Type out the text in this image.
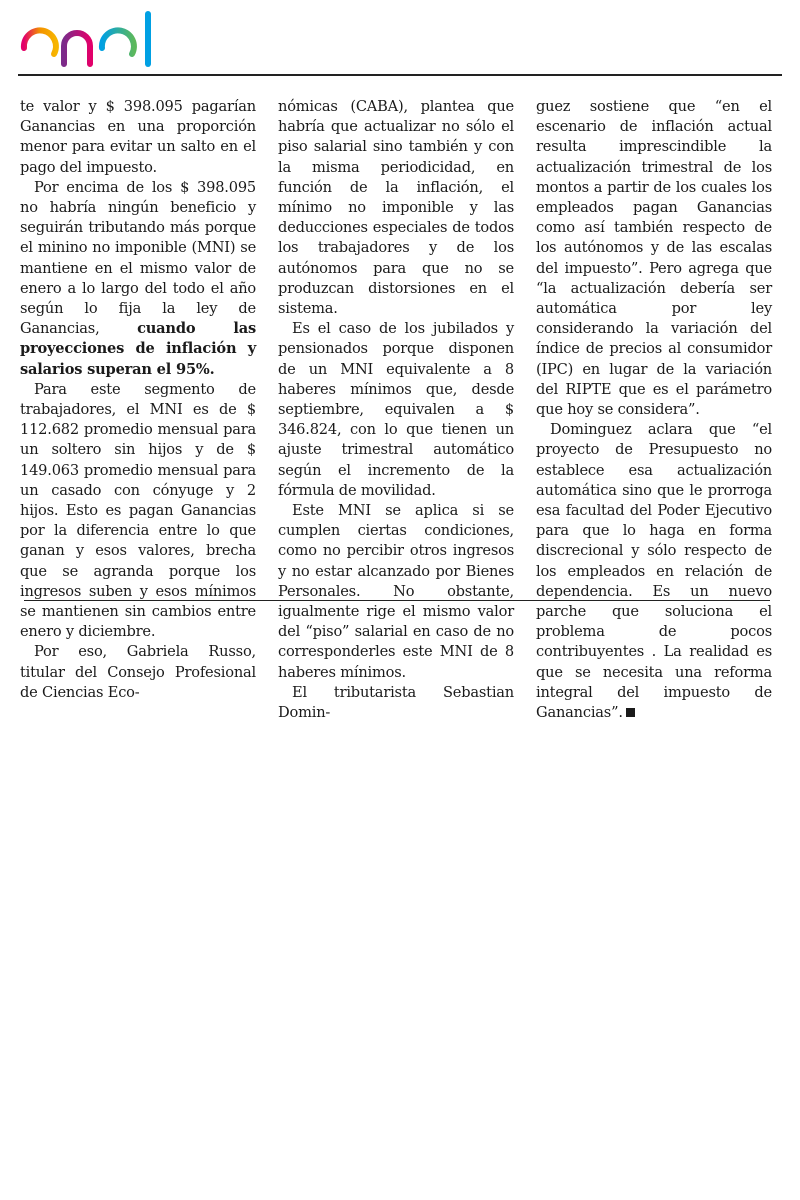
te valor y $ 398.095 pagarían Ganancias en una proporción menor para evitar un salto en el pago del impuesto.

Por encima de los $ 398.095 no habría ningún beneficio y seguirán tributando más porque el minino no imponible (MNI) se mantiene en el mismo valor de enero a lo largo del todo el año según lo fija la ley de Ganancias,	cuando las proyecciones de inflación y salarios superan el 95%.

Para este segmento de trabajadores, el MNI es de $ 112.682 promedio mensual para un soltero sin hijos y de $ 149.063 promedio mensual para un casado con cónyuge y 2 hijos. Esto es pagan Ganancias por la diferencia entre lo que ganan y esos valores, brecha que se agranda porque los ingresos suben y esos mínimos se mantienen sin cambios entre enero y diciembre.

Por eso, Gabriela Russo, titular del Consejo Profesional de Ciencias Eco-

nómicas (CABA), plantea que habría que actualizar no sólo el piso salarial sino también y con la misma periodicidad, en función de la inflación, el mínimo no imponible y las deducciones especiales de todos los trabajadores y de los autónomos para que no se produzcan distorsiones en el sistema.

Es el caso de los jubilados y pensionados porque disponen de un MNI equivalente a 8 haberes mínimos que, desde septiembre, equivalen a $ 346.824, con lo que tienen un ajuste trimestral automático según el incremento de la fórmula de movilidad.

Este MNI se aplica si se cumplen ciertas condiciones, como no percibir otros ingresos y no estar alcanzado por Bienes Personales. No obstante, igualmente rige el mismo valor del “piso” salarial en caso de no corresponderles este MNI de 8 haberes mínimos.

El tributarista Sebastian Domin-

guez sostiene que “en el escenario de inflación actual resulta imprescindible la actualización trimestral de los montos a partir de los cuales los empleados pagan Ganancias como así también respecto de los autónomos y de las escalas del impuesto”. Pero agrega que “la actualización debería ser automática por ley considerando la variación del índice de precios al consumidor (IPC) en lugar de la variación del RIPTE que es el parámetro que hoy se considera”.

Dominguez aclara que “el proyecto de Presupuesto no establece esa actualización automática sino que le prorroga esa facultad del Poder Ejecutivo para que lo haga en forma discrecional y sólo respecto de los empleados en relación de dependencia. Es un nuevo parche que soluciona el problema de pocos contribuyentes . La realidad es que se necesita una reforma integral del impuesto de Ganancias”.
